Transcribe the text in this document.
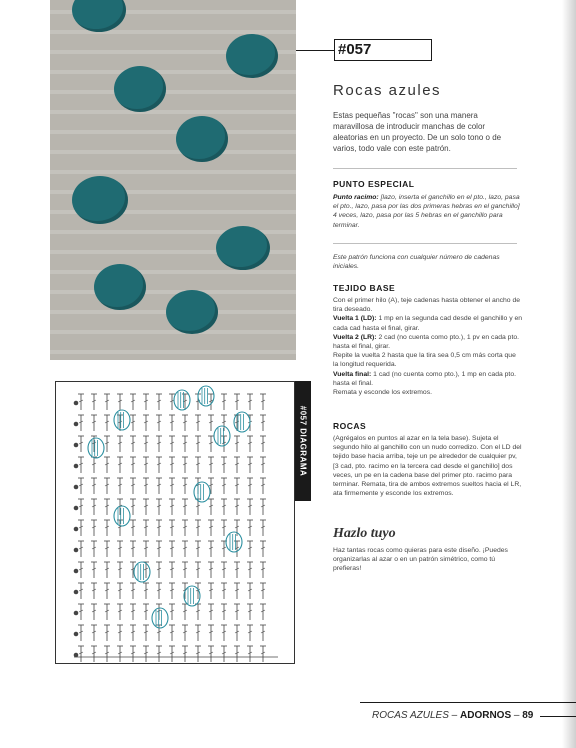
#057
Rocas azules
Estas pequeñas "rocas" son una manera maravillosa de introducir manchas de color aleatorias en un proyecto. De un solo tono o de varios, todo vale con este patrón.
PUNTO ESPECIAL
Punto racimo: [lazo, inserta el ganchillo en el pto., lazo, pasa el pto., lazo, pasa por las dos primeras hebras en el ganchillo] 4 veces, lazo, pasa por las 5 hebras en el ganchillo para terminar.
Este patrón funciona con cualquier número de cadenas iniciales.
TEJIDO BASE
Con el primer hilo (A), teje cadenas hasta obtener el ancho de tira deseado.
Vuelta 1 (LD): 1 mp en la segunda cad desde el ganchillo y en cada cad hasta el final, girar.
Vuelta 2 (LR): 2 cad (no cuenta como pto.), 1 pv en cada pto. hasta el final, girar.
Repite la vuelta 2 hasta que la tira sea 0,5 cm más corta que la longitud requerida.
Vuelta final: 1 cad (no cuenta como pto.), 1 mp en cada pto. hasta el final.
Remata y esconde los extremos.
ROCAS
(Agrégalos en puntos al azar en la tela base). Sujeta el segundo hilo al ganchillo con un nudo corredizo. Con el LD del tejido base hacia arriba, teje un pe alrededor de cualquier pv, [3 cad, pto. racimo en la tercera cad desde el ganchillo] dos veces, un pe en la cadena base del primer pto. racimo para terminar. Remata, tira de ambos extremos sueltos hacia el LR, ata firmemente y esconde los extremos.
Hazlo tuyo
Haz tantas rocas como quieras para este diseño. ¡Puedes organizarlas al azar o en un patrón simétrico, como tú prefieras!
#057 DIAGRAMA
ROCAS AZULES – ADORNOS – 89
